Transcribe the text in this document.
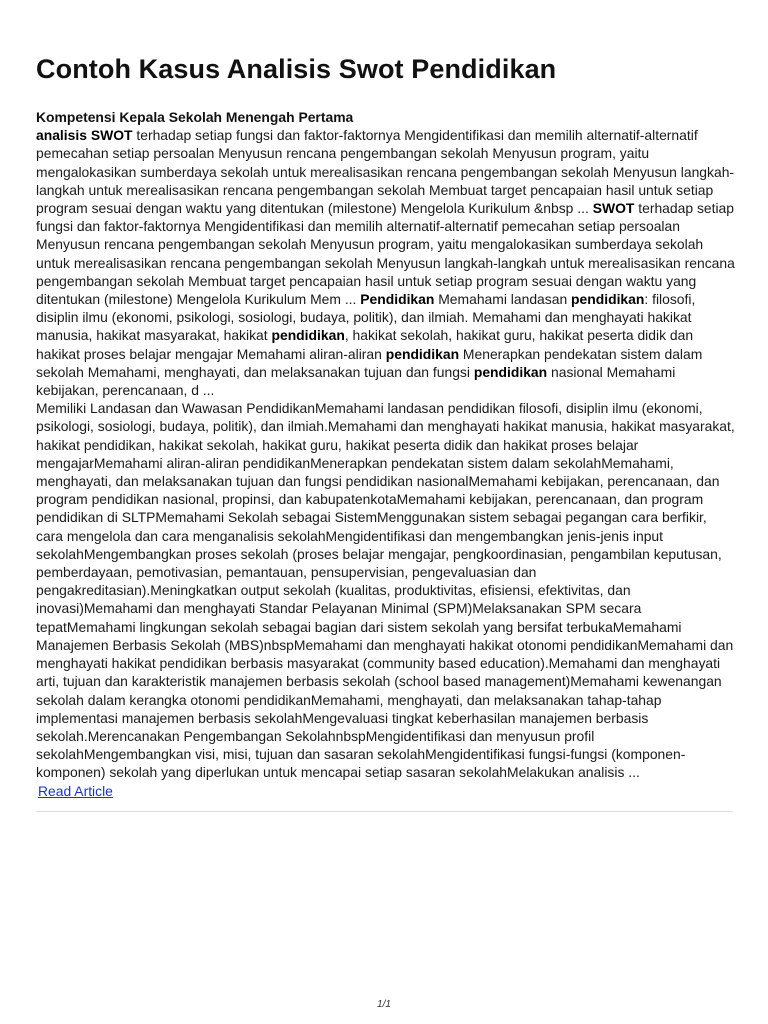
Contoh Kasus Analisis Swot Pendidikan
Kompetensi Kepala Sekolah Menengah Pertama
analisis SWOT terhadap setiap fungsi dan faktor-faktornya Mengidentifikasi dan memilih alternatif-alternatif pemecahan setiap persoalan Menyusun rencana pengembangan sekolah Menyusun program, yaitu mengalokasikan sumberdaya sekolah untuk merealisasikan rencana pengembangan sekolah Menyusun langkah-langkah untuk merealisasikan rencana pengembangan sekolah Membuat target pencapaian hasil untuk setiap program sesuai dengan waktu yang ditentukan (milestone) Mengelola Kurikulum &nbsp ... SWOT terhadap setiap fungsi dan faktor-faktornya Mengidentifikasi dan memilih alternatif-alternatif pemecahan setiap persoalan Menyusun rencana pengembangan sekolah Menyusun program, yaitu mengalokasikan sumberdaya sekolah untuk merealisasikan rencana pengembangan sekolah Menyusun langkah-langkah untuk merealisasikan rencana pengembangan sekolah Membuat target pencapaian hasil untuk setiap program sesuai dengan waktu yang ditentukan (milestone) Mengelola Kurikulum Mem ... Pendidikan Memahami landasan pendidikan: filosofi, disiplin ilmu (ekonomi, psikologi, sosiologi, budaya, politik), dan ilmiah. Memahami dan menghayati hakikat manusia, hakikat masyarakat, hakikat pendidikan, hakikat sekolah, hakikat guru, hakikat peserta didik dan hakikat proses belajar mengajar Memahami aliran-aliran pendidikan Menerapkan pendekatan sistem dalam sekolah Memahami, menghayati, dan melaksanakan tujuan dan fungsi pendidikan nasional Memahami kebijakan, perencanaan, d ...
Memiliki Landasan dan Wawasan PendidikanMemahami landasan pendidikan filosofi, disiplin ilmu (ekonomi, psikologi, sosiologi, budaya, politik), dan ilmiah.Memahami dan menghayati hakikat manusia, hakikat masyarakat, hakikat pendidikan, hakikat sekolah, hakikat guru, hakikat peserta didik dan hakikat proses belajar mengajarMemahami aliran-aliran pendidikanMenerapkan pendekatan sistem dalam sekolahMemahami, menghayati, dan melaksanakan tujuan dan fungsi pendidikan nasionalMemahami kebijakan, perencanaan, dan program pendidikan nasional, propinsi, dan kabupatenkotaMemahami kebijakan, perencanaan, dan program pendidikan di SLTPMemahami Sekolah sebagai SistemMenggunakan sistem sebagai pegangan cara berfikir, cara mengelola dan cara menganalisis sekolahMengidentifikasi dan mengembangkan jenis-jenis input sekolahMengembangkan proses sekolah (proses belajar mengajar, pengkoordinasian, pengambilan keputusan, pemberdayaan, pemotivasian, pemantauan, pensupervisian, pengevaluasian dan pengakreditasian).Meningkatkan output sekolah (kualitas, produktivitas, efisiensi, efektivitas, dan inovasi)Memahami dan menghayati Standar Pelayanan Minimal (SPM)Melaksanakan SPM secara tepatMemahami lingkungan sekolah sebagai bagian dari sistem sekolah yang bersifat terbukaMemahami Manajemen Berbasis Sekolah (MBS)nbspMemahami dan menghayati hakikat otonomi pendidikanMemahami dan menghayati hakikat pendidikan berbasis masyarakat (community based education).Memahami dan menghayati arti, tujuan dan karakteristik manajemen berbasis sekolah (school based management)Memahami kewenangan sekolah dalam kerangka otonomi pendidikanMemahami, menghayati, dan melaksanakan tahap-tahap implementasi manajemen berbasis sekolahMengevaluasi tingkat keberhasilan manajemen berbasis sekolah.Merencanakan Pengembangan SekolahnbspMengidentifikasi dan menyusun profil sekolahMengembangkan visi, misi, tujuan dan sasaran sekolahMengidentifikasi fungsi-fungsi (komponen-komponen) sekolah yang diperlukan untuk mencapai setiap sasaran sekolahMelakukan analisis ...
Read Article
1/1
